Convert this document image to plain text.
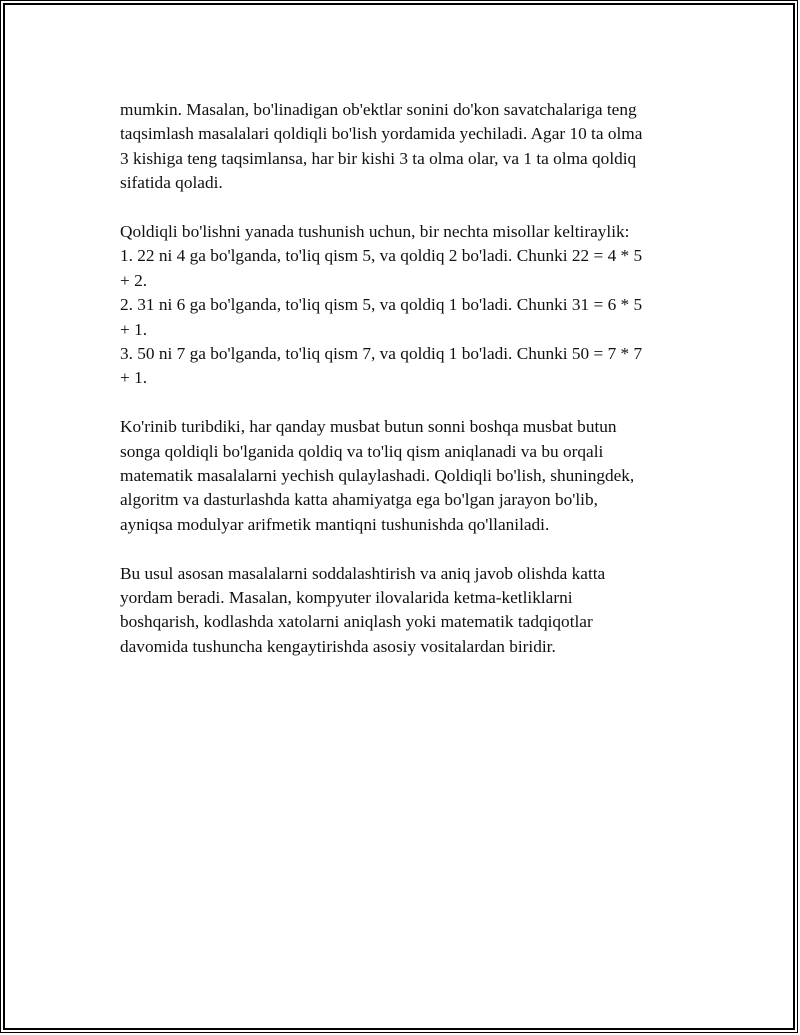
mumkin. Masalan, bo'linadigan ob'ektlar sonini do'kon savatchalariga teng
taqsimlash masalalari qoldiqli bo'lish yordamida yechiladi. Agar 10 ta olma
3 kishiga teng taqsimlansa, har bir kishi 3 ta olma olar, va 1 ta olma qoldiq
sifatida qoladi.

Qoldiqli bo'lishni yanada tushunish uchun, bir nechta misollar keltiraylik:
1. 22 ni 4 ga bo'lganda, to'liq qism 5, va qoldiq 2 bo'ladi. Chunki 22 = 4 * 5
+ 2.
2. 31 ni 6 ga bo'lganda, to'liq qism 5, va qoldiq 1 bo'ladi. Chunki 31 = 6 * 5
+ 1.
3. 50 ni 7 ga bo'lganda, to'liq qism 7, va qoldiq 1 bo'ladi. Chunki 50 = 7 * 7
+ 1.

Ko'rinib turibdiki, har qanday musbat butun sonni boshqa musbat butun
songa qoldiqli bo'lganida qoldiq va to'liq qism aniqlanadi va bu orqali
matematik masalalarni yechish qulaylashadi. Qoldiqli bo'lish, shuningdek,
algoritm va dasturlashda katta ahamiyatga ega bo'lgan jarayon bo'lib,
ayniqsa modulyar arifmetik mantiqni tushunishda qo'llaniladi.

Bu usul asosan masalalarni soddalashtirish va aniq javob olishda katta
yordam beradi. Masalan, kompyuter ilovalarida ketma-ketliklarni
boshqarish, kodlashda xatolarni aniqlash yoki matematik tadqiqotlar
davomida tushuncha kengaytirishda asosiy vositalardan biridir.
